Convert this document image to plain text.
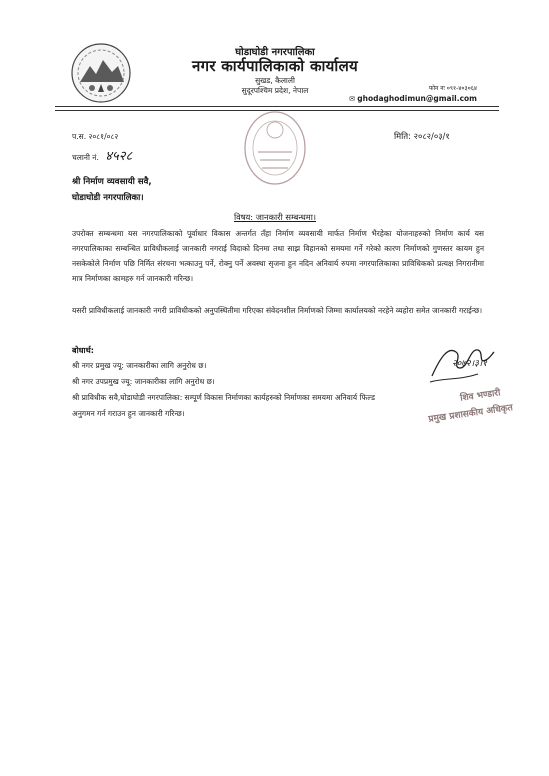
घोडाघोडी नगरपालिका
नगर कार्यपालिकाको कार्यालय
सुखड, कैलाली
सुदूरपश्चिम प्रदेश, नेपाल	फोन नः ०९१-४०३०६४
✉ ghodaghodimun@gmail.com
प.स. २०८१/०८२
चलानी नं. ४५२८
मिति: २०८२/०३/१
श्री निर्माण व्यवसायी सवै,
घोडाघोडी नगरपालिका।
विषय: जानकारी सम्बन्धमा।

उपरोक्त सम्बन्धमा यस नगरपालिकाको पूर्वाधार विकास अन्तर्गत तँहा निर्माण व्यवसायी मार्फत निर्माण भैरहेका योजनाहरुको निर्माण कार्य यस नगरपालिकाका सम्बन्धित प्राविधीकलाई जानकारी नगराई विदाको दिनमा तथा साझ विहानको समयमा गर्ने गरेको कारण निर्माणको गुणस्तर कायम हुन नसकेकोले निर्माण पछि निर्मित संरचना भत्काउनु पर्ने, रोक्नु पर्ने अवस्था सृजना हुन नदिन अनिवार्य रुपमा नगरपालिकाका प्राविधिकको प्रत्यक्ष निगरानीमा मात्र निर्माणका कामहरु गर्न जानकारी गरिन्छ।

यसरी प्राविधीकलाई जानकारी नगरी प्राविधीकको अनुपस्थितीमा गरिएका संवेदनशील निर्माणको जिम्मा कार्यालयको नरहेने व्यहोरा समेत जानकारी गराईन्छ।

बोधार्थ:
श्री नगर प्रमुख ज्यू: जानकारीका लागि अनुरोध छ।
श्री नगर उपप्रमुख ज्यू: जानकारीका लागि अनुरोध छ।
श्री प्राविधीक सवै,घोडाघोडी नगरपालिका: सम्पूर्ण विकास निर्माणका कार्यहरुको निर्माणका समयमा अनिवार्य फिल्ड
अनुगमन गर्न गराउन हुन जानकारी गरिन्छ।
२०७२।३।१
शिव भण्डारी
प्रमुख प्रशासकीय अधिकृत
